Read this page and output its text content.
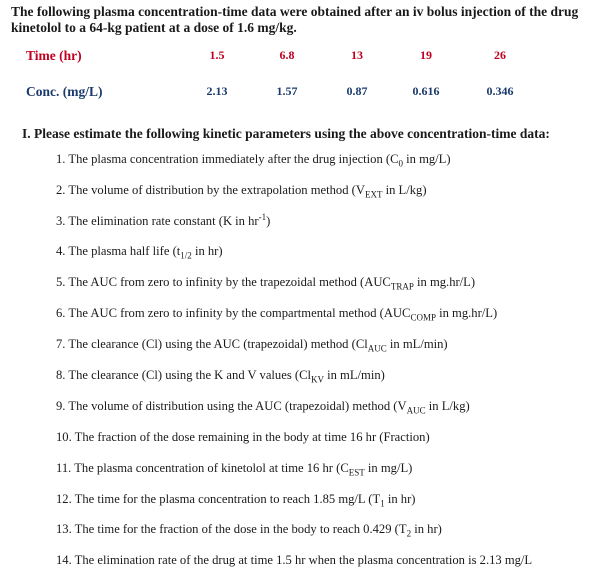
The following plasma concentration-time data were obtained after an iv bolus injection of the drug kinetolol to a 64-kg patient at a dose of 1.6 mg/kg.
Time (hr)	1.5		6.8		13		19		26
Conc. (mg/L)	2.13		1.57		0.87		0.616		0.346
I. Please estimate the following kinetic parameters using the above concentration-time data:
1. The plasma concentration immediately after the drug injection ($C_0$ in mg/L)
2. The volume of distribution by the extrapolation method ($V_{EXT}$ in L/kg)
3. The elimination rate constant (K in $hr^{-1}$)
4. The plasma half life ($t_{1/2}$ in hr)
5. The AUC from zero to infinity by the trapezoidal method ($AUC_{TRAP}$ in mg.hr/L)
6. The AUC from zero to infinity by the compartmental method ($AUC_{COMP}$ in mg.hr/L)
7. The clearance (Cl) using the AUC (trapezoidal) method ($Cl_{AUC}$ in mL/min)
8. The clearance (Cl) using the K and V values ($Cl_{KV}$ in mL/min)
9. The volume of distribution using the AUC (trapezoidal) method ($V_{AUC}$ in L/kg)
10. The fraction of the dose remaining in the body at time 16 hr (Fraction)
11. The plasma concentration of kinetolol at time 16 hr ($C_{EST}$ in mg/L)
12. The time for the plasma concentration to reach 1.85 mg/L ($T_1$ in hr)
13. The time for the fraction of the dose in the body to reach 0.429 ($T_2$ in hr)
14. The elimination rate of the drug at time 1.5 hr when the plasma concentration is 2.13 mg/L
